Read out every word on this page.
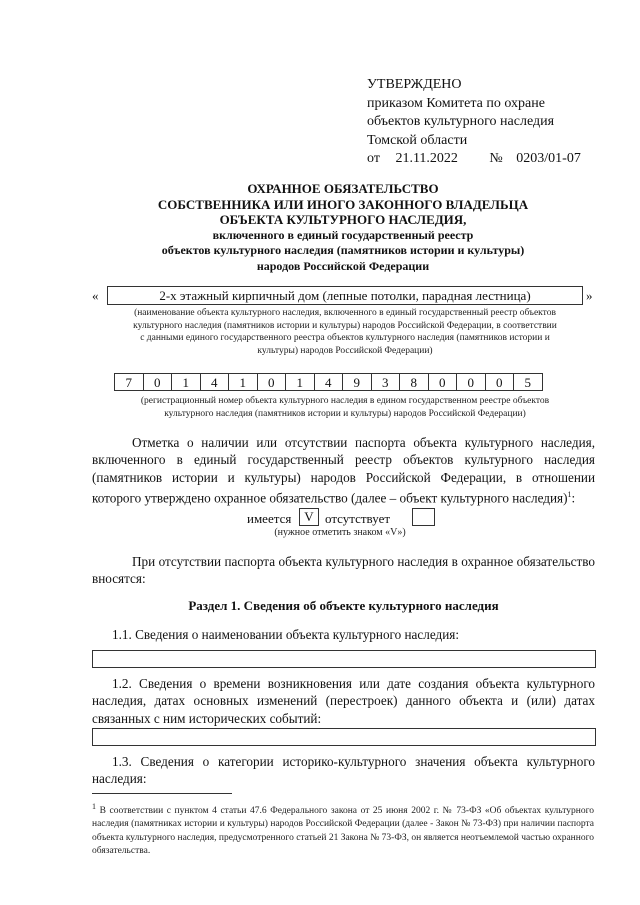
УТВЕРЖДЕНО
приказом Комитета по охране
объектов культурного наследия
Томской области
от 21.11.2022 № 0203/01-07
ОХРАННОЕ ОБЯЗАТЕЛЬСТВО
СОБСТВЕННИКА ИЛИ ИНОГО ЗАКОННОГО ВЛАДЕЛЬЦА
ОБЪЕКТА КУЛЬТУРНОГО НАСЛЕДИЯ,
включенного в единый государственный реестр
объектов культурного наследия (памятников истории и культуры)
народов Российской Федерации
«	2-х этажный кирпичный дом (лепные потолки, парадная лестница)	»
(наименование объекта культурного наследия, включенного в единый государственный реестр объектов
культурного наследия (памятников истории и культуры) народов Российской Федерации, в соответствии
с данными единого государственного реестра объектов культурного наследия (памятников истории и
культуры) народов Российской Федерации)
7	0	1	4	1	0	1	4	9	3	8	0	0	0	5
(регистрационный номер объекта культурного наследия в едином государственном реестре объектов
культурного наследия (памятников истории и культуры) народов Российской Федерации)
Отметка о наличии или отсутствии паспорта объекта культурного наследия, включенного в единый государственный реестр объектов культурного наследия (памятников истории и культуры) народов Российской Федерации, в отношении которого утверждено охранное обязательство (далее – объект культурного наследия)$^1$:
имеется V отсутствует
(нужное отметить знаком «V»)
При отсутствии паспорта объекта культурного наследия в охранное обязательство вносятся:
Раздел 1. Сведения об объекте культурного наследия
1.1. Сведения о наименовании объекта культурного наследия:
1.2. Сведения о времени возникновения или дате создания объекта культурного наследия, датах основных изменений (перестроек) данного объекта и (или) датах связанных с ним исторических событий:
1.3. Сведения о категории историко-культурного значения объекта культурного наследия:
$^1$ В соответствии с пунктом 4 статьи 47.6 Федерального закона от 25 июня 2002 г. № 73-ФЗ «Об объектах культурного наследия (памятниках истории и культуры) народов Российской Федерации (далее - Закон № 73-ФЗ) при наличии паспорта объекта культурного наследия, предусмотренного статьей 21 Закона № 73-ФЗ, он является неотъемлемой частью охранного обязательства.
